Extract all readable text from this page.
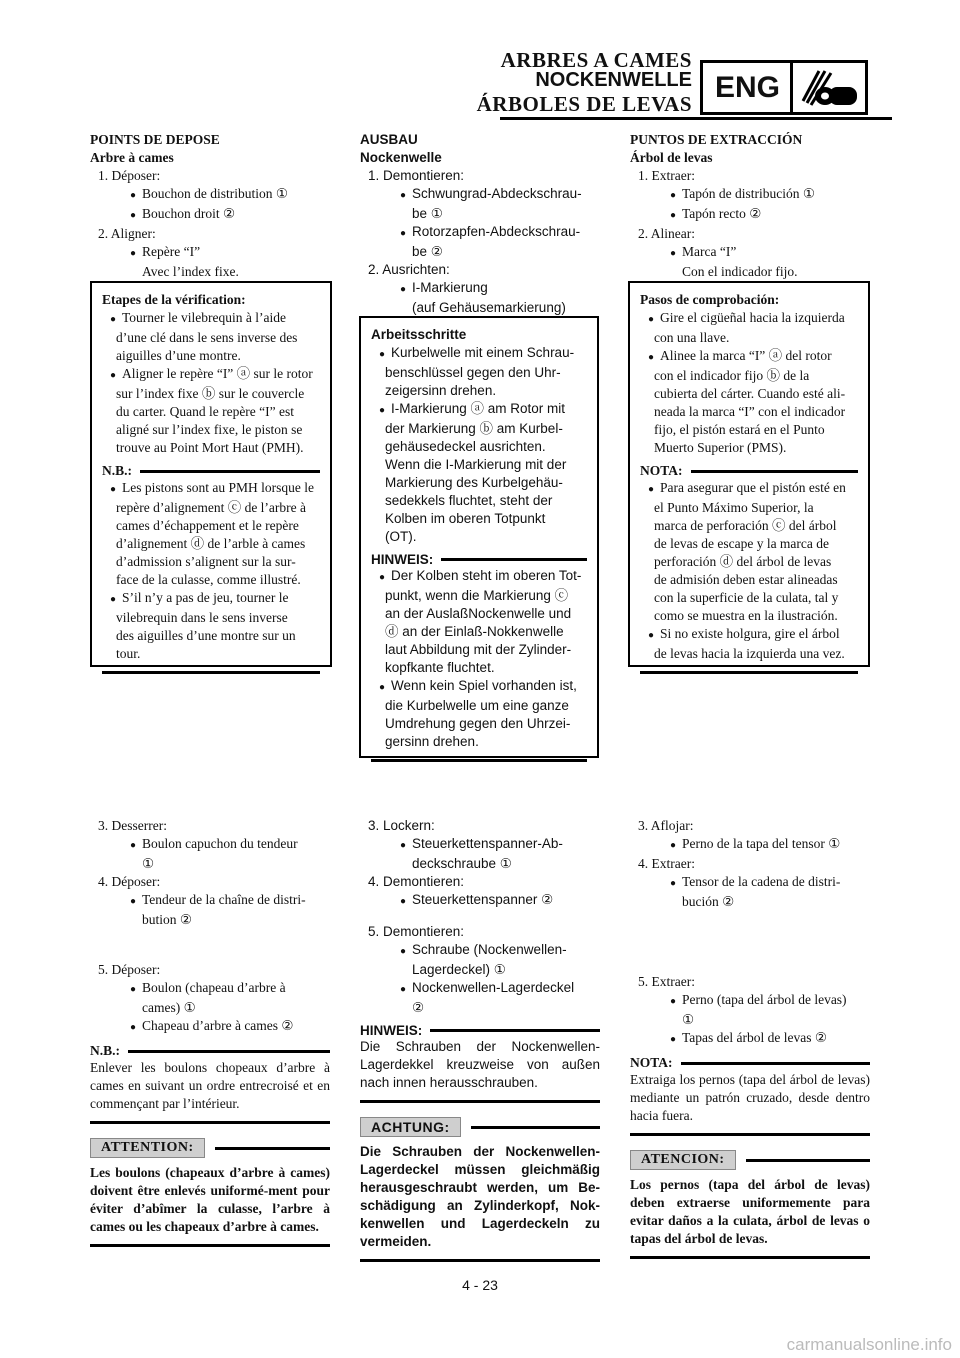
ARBRES A CAMES
NOCKENWELLE
ÁRBOLES DE LEVAS
ENG
POINTS DE DEPOSE
Arbre à cames
1. Déposer:
● Bouchon de distribution ①
● Bouchon droit ②
2. Aligner:
● Repère “I”
Avec l’index fixe.
Etapes de la vérification:
● Tourner le vilebrequin à l’aide
d’une clé dans le sens inverse des
aiguilles d’une montre.
● Aligner le repère “I” ⓐ sur le rotor
sur l’index fixe ⓑ sur le couvercle
du carter. Quand le repère “I” est
aligné sur l’index fixe, le piston se
trouve au Point Mort Haut (PMH).
N.B.:
● Les pistons sont au PMH lorsque le
repère d’alignement ⓒ de l’arbre à
cames d’échappement et le repère
d’alignement ⓓ de l’arble à cames
d’admission s’alignent sur la sur-
face de la culasse, comme illustré.
● S’il n’y a pas de jeu, tourner le
vilebrequin dans le sens inverse
des aiguilles d’une montre sur un
tour.
AUSBAU
Nockenwelle
1. Demontieren:
● Schwungrad-Abdeckschrau-
be ①
● Rotorzapfen-Abdeckschrau-
be ②
2. Ausrichten:
● I-Markierung
(auf Gehäusemarkierung)
Arbeitsschritte
● Kurbelwelle mit einem Schrau-
benschlüssel gegen den Uhr-
zeigersinn drehen.
● I-Markierung ⓐ am Rotor mit
der Markierung ⓑ am Kurbel-
gehäusedeckel ausrichten.
Wenn die I-Markierung mit der
Markierung des Kurbelgehäu-
sedekkels fluchtet, steht der
Kolben im oberen Totpunkt
(OT).
HINWEIS:
● Der Kolben steht im oberen Tot-
punkt, wenn die Markierung ⓒ
an der AuslaßNockenwelle und
ⓓ an der Einlaß-Nokkenwelle
laut Abbildung mit der Zylinder-
kopfkante fluchtet.
● Wenn kein Spiel vorhanden ist,
die Kurbelwelle um eine ganze
Umdrehung gegen den Uhrzei-
gersinn drehen.
PUNTOS DE EXTRACCIÓN
Árbol de levas
1. Extraer:
● Tapón de distribución ①
● Tapón recto ②
2. Alinear:
● Marca “I”
Con el indicador fijo.
Pasos de comprobación:
● Gire el cigüeñal hacia la izquierda
con una llave.
● Alinee la marca “I” ⓐ del rotor
con el indicador fijo ⓑ de la
cubierta del cárter. Cuando esté ali-
neada la marca “I” con el indicador
fijo, el pistón estará en el Punto
Muerto Superior (PMS).
NOTA:
● Para asegurar que el pistón esté en
el Punto Máximo Superior, la
marca de perforación ⓒ del árbol
de levas de escape y la marca de
perforación ⓓ del árbol de levas
de admisión deben estar alineadas
con la superficie de la culata, tal y
como se muestra en la ilustración.
● Si no existe holgura, gire el árbol
de levas hacia la izquierda una vez.
3. Desserrer:
● Boulon capuchon du tendeur
①
4. Déposer:
● Tendeur de la chaîne de distri-
bution ②
5. Déposer:
● Boulon (chapeau d’arbre à
cames) ①
● Chapeau d’arbre à cames ②
N.B.:
Enlever les boulons chopeaux d’arbre à cames en suivant un ordre entrecroisé et en commençant par l’intérieur.
ATTENTION:
Les boulons (chapeaux d’arbre à cames) doivent être enlevés uniformé-ment pour éviter d’abîmer la culasse, l’arbre à cames ou les chapeaux d’arbre à cames.
3. Lockern:
● Steuerkettenspanner-Ab-
deckschraube ①
4. Demontieren:
● Steuerkettenspanner ②
5. Demontieren:
● Schraube (Nockenwellen-
Lagerdeckel) ①
● Nockenwellen-Lagerdeckel
②
HINWEIS:
Die Schrauben der Nockenwellen-Lagerdekkel kreuzweise von außen nach innen herausschrauben.
ACHTUNG:
Die Schrauben der Nockenwellen-Lagerdeckel müssen gleichmäßig herausgeschraubt werden, um Be-schädigung an Zylinderkopf, Nok-kenwellen und Lagerdeckeln zu vermeiden.
3. Aflojar:
● Perno de la tapa del tensor ①
4. Extraer:
● Tensor de la cadena de distri-
bución ②
5. Extraer:
● Perno (tapa del árbol de levas)
①
● Tapas del árbol de levas ②
NOTA:
Extraiga los pernos (tapa del árbol de levas) mediante un patrón cruzado, desde dentro hacia fuera.
ATENCION:
Los pernos (tapa del árbol de levas) deben extraerse uniformemente para evitar daños a la culata, árbol de levas o tapas del árbol de levas.
4 - 23
carmanualsonline.info
